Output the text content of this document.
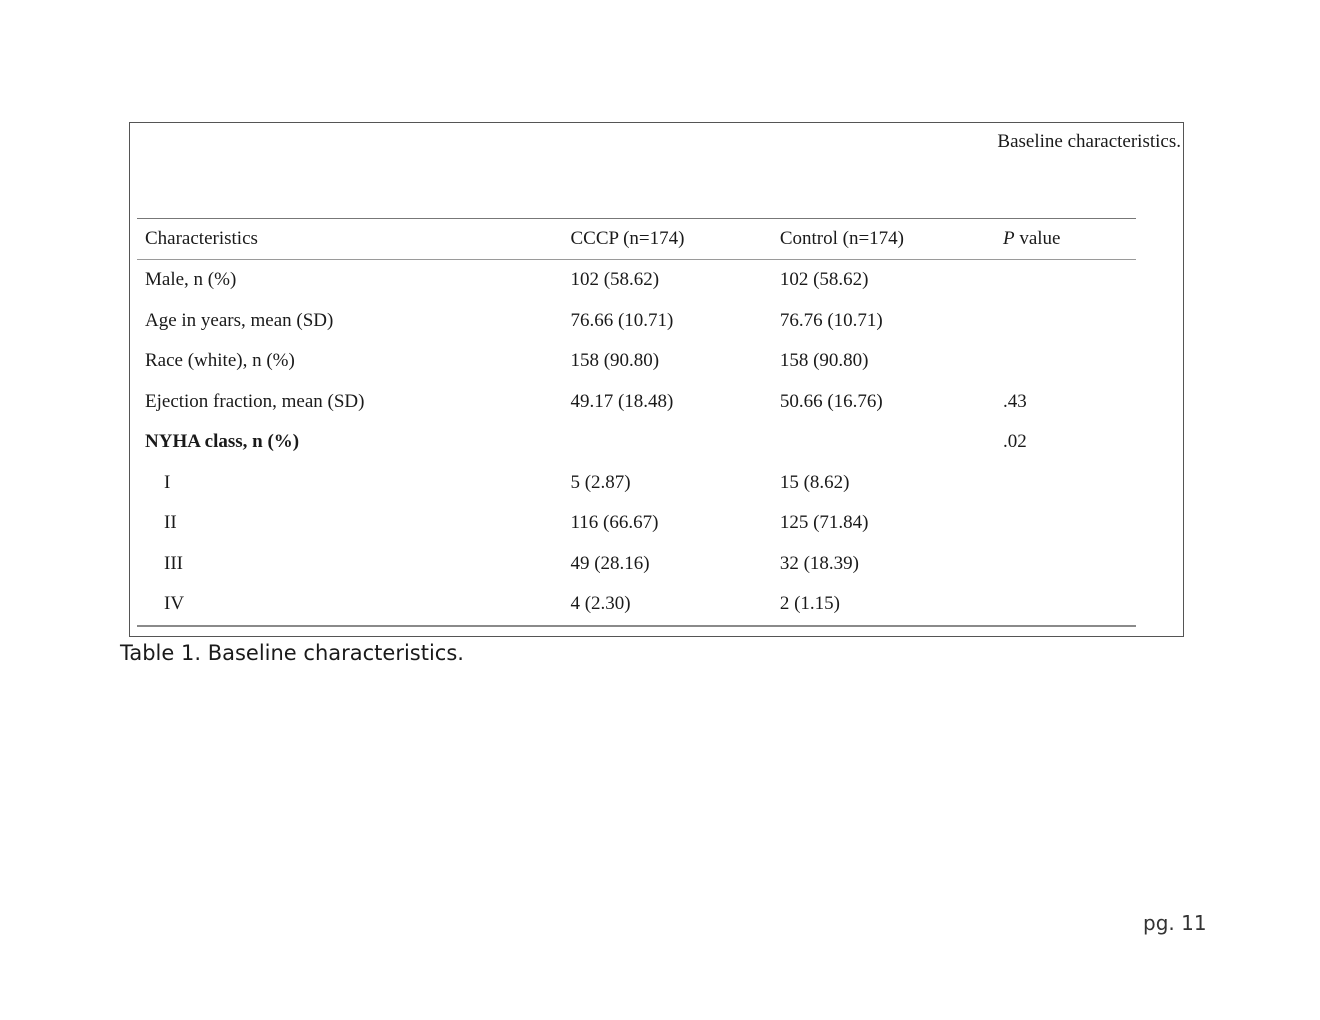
Baseline characteristics.
Characteristics	CCCP (n=174)	Control (n=174)	P value
Male, n (%)	102 (58.62)	102 (58.62)	
Age in years, mean (SD)	76.66 (10.71)	76.76 (10.71)	
Race (white), n (%)	158 (90.80)	158 (90.80)	
Ejection fraction, mean (SD)	49.17 (18.48)	50.66 (16.76)	.43
NYHA class, n (%)			.02
I	5 (2.87)	15 (8.62)	
II	116 (66.67)	125 (71.84)	
III	49 (28.16)	32 (18.39)	
IV	4 (2.30)	2 (1.15)	
Table 1. Baseline characteristics.
pg. 11
